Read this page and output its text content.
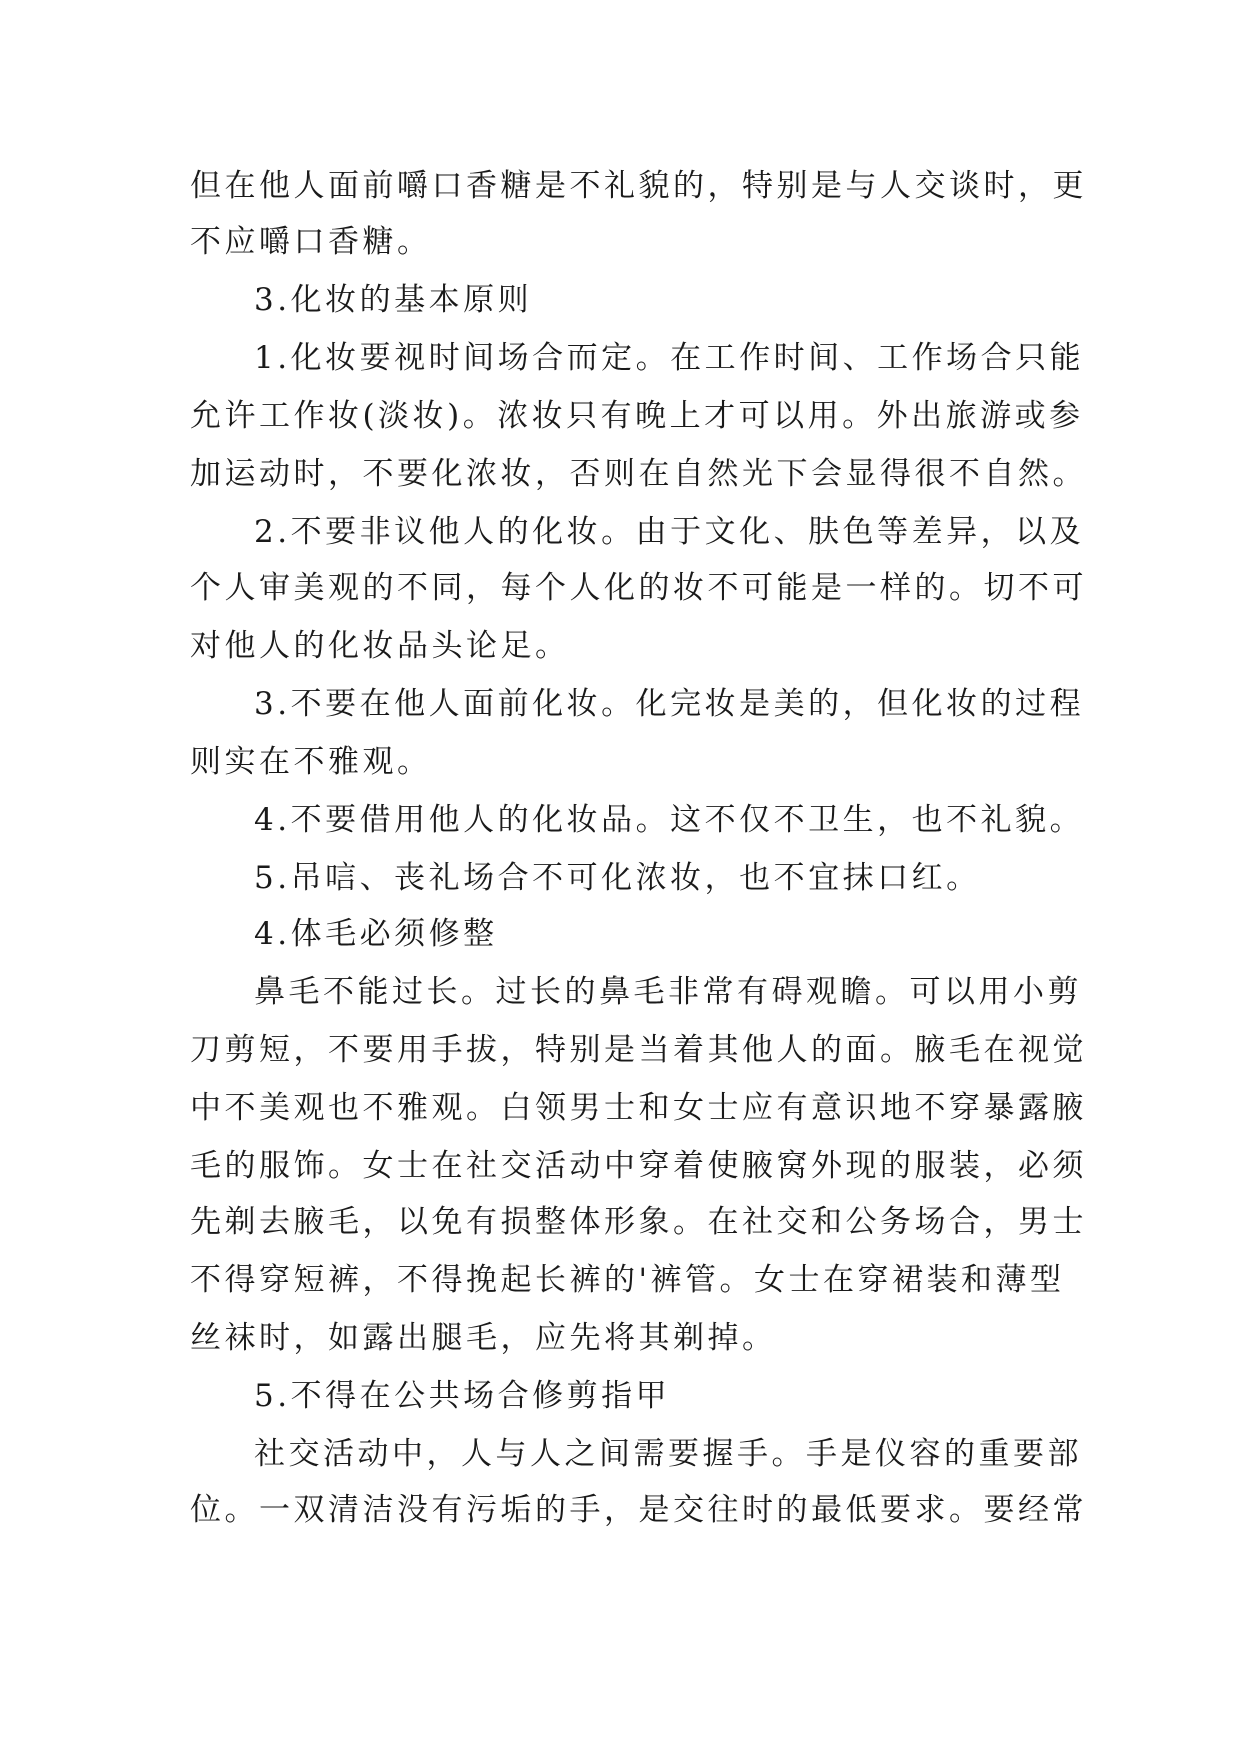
但在他人面前嚼口香糖是不礼貌的，特别是与人交谈时，更
不应嚼口香糖。
3.化妆的基本原则
1.化妆要视时间场合而定。在工作时间、工作场合只能
允许工作妆(淡妆)。浓妆只有晚上才可以用。外出旅游或参
加运动时，不要化浓妆，否则在自然光下会显得很不自然。
2.不要非议他人的化妆。由于文化、肤色等差异，以及
个人审美观的不同，每个人化的妆不可能是一样的。切不可
对他人的化妆品头论足。
3.不要在他人面前化妆。化完妆是美的，但化妆的过程
则实在不雅观。
4.不要借用他人的化妆品。这不仅不卫生，也不礼貌。
5.吊唁、丧礼场合不可化浓妆，也不宜抹口红。
4.体毛必须修整
鼻毛不能过长。过长的鼻毛非常有碍观瞻。可以用小剪
刀剪短，不要用手拔，特别是当着其他人的面。腋毛在视觉
中不美观也不雅观。白领男士和女士应有意识地不穿暴露腋
毛的服饰。女士在社交活动中穿着使腋窝外现的服装，必须
先剃去腋毛，以免有损整体形象。在社交和公务场合，男士
不得穿短裤，不得挽起长裤的'裤管。女士在穿裙装和薄型
丝袜时，如露出腿毛，应先将其剃掉。
5.不得在公共场合修剪指甲
社交活动中，人与人之间需要握手。手是仪容的重要部
位。一双清洁没有污垢的手，是交往时的最低要求。要经常
